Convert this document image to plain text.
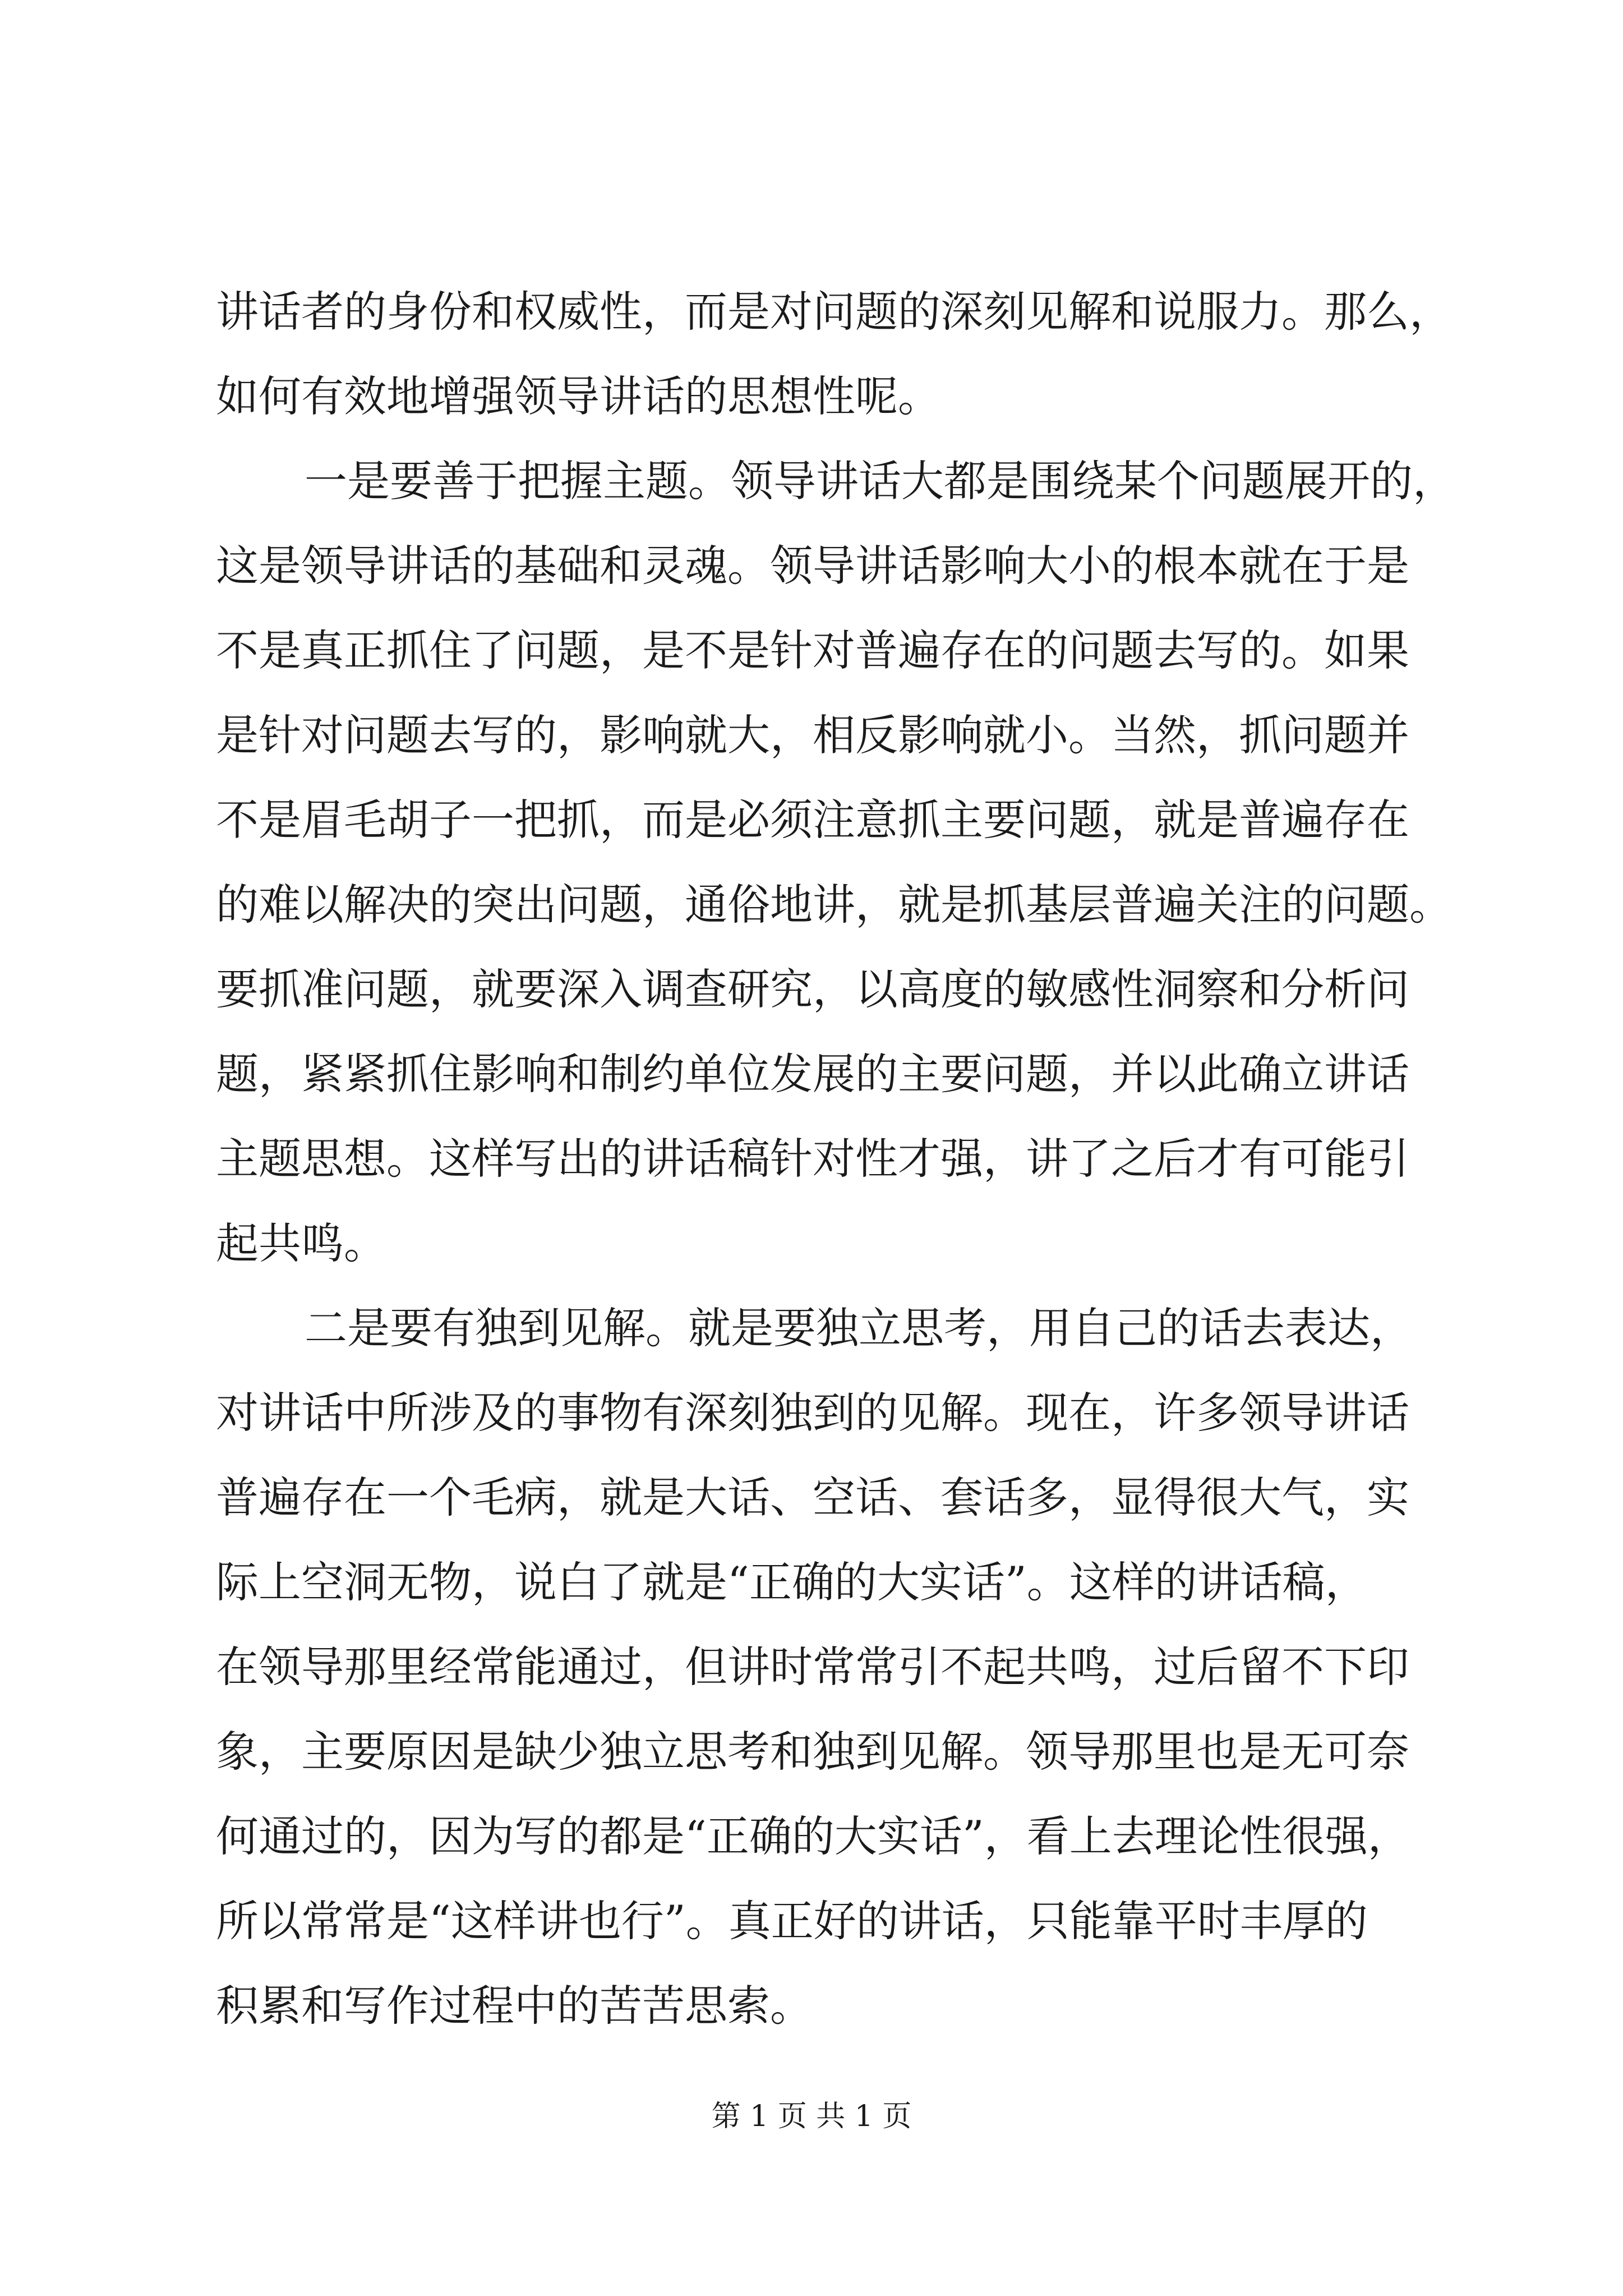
讲话者的身份和权威性，而是对问题的深刻见解和说服力。那么，
如何有效地增强领导讲话的思想性呢。
一是要善于把握主题。领导讲话大都是围绕某个问题展开的，
这是领导讲话的基础和灵魂。领导讲话影响大小的根本就在于是
不是真正抓住了问题，是不是针对普遍存在的问题去写的。如果
是针对问题去写的，影响就大，相反影响就小。当然，抓问题并
不是眉毛胡子一把抓，而是必须注意抓主要问题，就是普遍存在
的难以解决的突出问题，通俗地讲，就是抓基层普遍关注的问题。
要抓准问题，就要深入调查研究，以高度的敏感性洞察和分析问
题，紧紧抓住影响和制约单位发展的主要问题，并以此确立讲话
主题思想。这样写出的讲话稿针对性才强，讲了之后才有可能引
起共鸣。
二是要有独到见解。就是要独立思考，用自己的话去表达，
对讲话中所涉及的事物有深刻独到的见解。现在，许多领导讲话
普遍存在一个毛病，就是大话、空话、套话多，显得很大气，实
际上空洞无物，说白了就是“正确的大实话”。这样的讲话稿，
在领导那里经常能通过，但讲时常常引不起共鸣，过后留不下印
象，主要原因是缺少独立思考和独到见解。领导那里也是无可奈
何通过的，因为写的都是“正确的大实话”，看上去理论性很强，
所以常常是“这样讲也行”。真正好的讲话，只能靠平时丰厚的
积累和写作过程中的苦苦思索。
第 1 页 共 1 页
